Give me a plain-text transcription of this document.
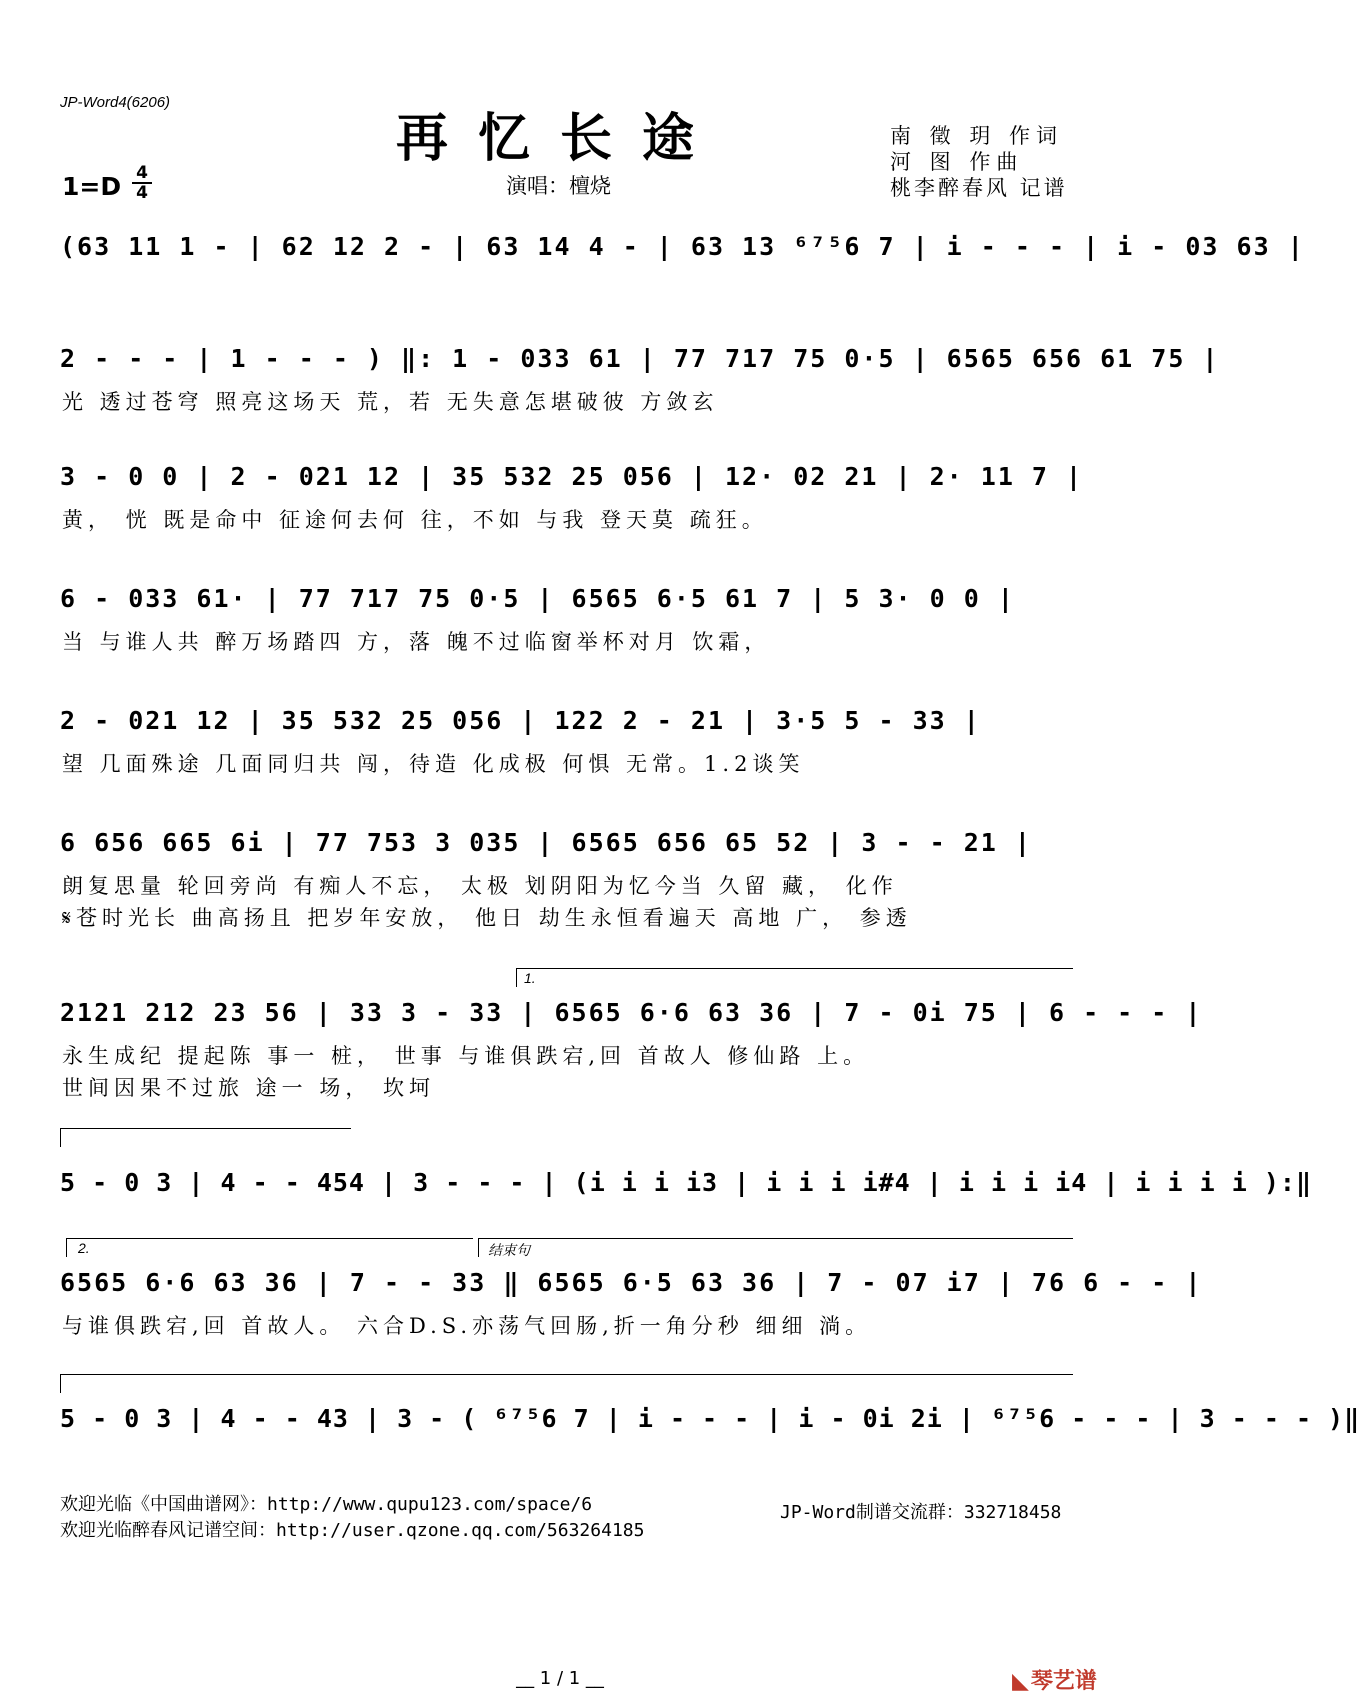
JP-Word4(6206)
再忆长途	南 徵 玥 作词
河 图 作曲
桃李醉春风 记谱
1=D 4
4	演唱：檀烧
(63 11 1 - | 62 12 2 - | 63 14 4 - | 63 13 ⁶⁷⁵6 7 | i - - - | i - 03 63 |
2 - - - | 1 - - - ) ‖: 1 - 033 61 | 77 717 75 0·5 | 6565 656 61 75 |
光 透过苍穹 照亮这场天 荒，若 无失意怎堪破彼 方敛玄
3 - 0 0 | 2 - 021 12 | 35 532 25 056 | 12· 02 21 | 2· 11 7 |
黄， 恍 既是命中 征途何去何 往，不如 与我 登天莫 疏狂。
6 - 033 61· | 77 717 75 0·5 | 6565 6·5 61 7 | 5 3· 0 0 |
当 与谁人共 醉万场踏四 方，落 魄不过临窗举杯对月 饮霜，
2 - 021 12 | 35 532 25 056 | 122 2 - 21 | 3·5 5 - 33 |
望 几面殊途 几面同归共 闯，待造 化成极 何惧 无常。1.2谈笑
6 656 665 6i | 77 753 3 035 | 6565 656 65 52 | 3 - - 21 |
朗复思量 轮回旁尚 有痴人不忘， 太极 划阴阳为忆今当 久留 藏， 化作
𝄋苍时光长 曲高扬且 把岁年安放， 他日 劫生永恒看遍天 高地 广， 参透
1.
2121 212 23 56 | 33 3 - 33 | 6565 6·6 63 36 | 7 - 0i 75 | 6 - - - |
永生成纪 提起陈 事一 桩， 世事 与谁俱跌宕,回 首故人 修仙路 上。
世间因果不过旅 途一 场， 坎坷
5 - 0 3 | 4 - - 454 | 3 - - - | (i i i i3 | i i i i#4 | i i i i4 | i i i i ):‖
2.	结束句
6565 6·6 63 36 | 7 - - 33 ‖ 6565 6·5 63 36 | 7 - 07 i7 | 76 6 - - |
与谁俱跌宕,回 首故人。 六合D.S.亦荡气回肠,折一角分秒 细细 淌。
5 - 0 3 | 4 - - 43 | 3 - ( ⁶⁷⁵6 7 | i - - - | i - 0i 2i | ⁶⁷⁵6 - - - | 3 - - - )‖
欢迎光临《中国曲谱网》：http://www.qupu123.com/space/6
欢迎光临醉春风记谱空间：http://user.qzone.qq.com/563264185
JP-Word制谱交流群：332718458
__ 1 / 1 __	◣琴艺谱
